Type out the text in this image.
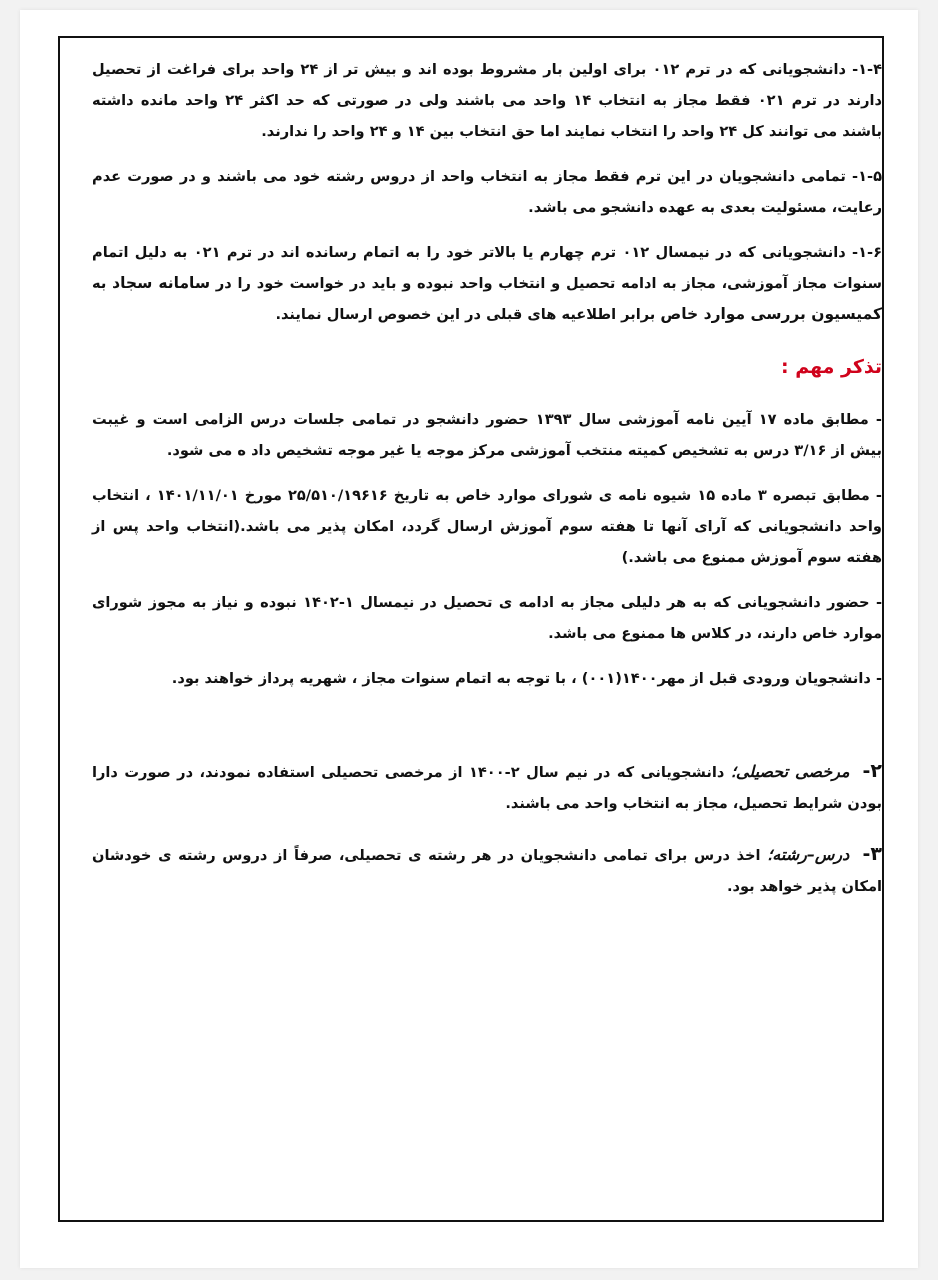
۱-۴- دانشجویانی که در ترم ۰۱۲ برای اولین بار مشروط بوده اند و بیش تر از ۲۴ واحد برای فراغت از تحصیل دارند در ترم ۰۲۱ فقط مجاز به انتخاب ۱۴ واحد می باشند ولی در صورتی که حد اکثر ۲۴ واحد مانده داشته باشند می توانند کل ۲۴ واحد را انتخاب نمایند اما حق انتخاب بین ۱۴ و ۲۴ واحد را ندارند.

۱-۵- تمامی دانشجویان در این ترم فقط مجاز به انتخاب واحد از دروس رشته خود می باشند و در صورت عدم رعایت، مسئولیت بعدی به عهده دانشجو می باشد.

۱-۶- دانشجویانی که در نیمسال ۰۱۲ ترم چهارم یا بالاتر خود را به اتمام رسانده اند در ترم ۰۲۱ به دلیل اتمام سنوات مجاز آموزشی، مجاز به ادامه تحصیل و انتخاب واحد نبوده و باید در خواست خود را در سامانه سجاد به کمیسیون بررسی موارد خاص برابر اطلاعیه های قبلی در این خصوص ارسال نمایند.

تذکر مهم :

- مطابق ماده ۱۷ آیین نامه آموزشی سال ۱۳۹۳ حضور دانشجو در تمامی جلسات درس الزامی است و غیبت بیش از ۳/۱۶ درس به تشخیص کمیته منتخب آموزشی مرکز موجه یا غیر موجه تشخیص داد ه می شود.

- مطابق تبصره ۳ ماده ۱۵ شیوه نامه ی شورای موارد خاص به تاریخ ۲۵/۵۱۰/۱۹۶۱۶ مورخ ۱۴۰۱/۱۱/۰۱ ، انتخاب واحد دانشجویانی که آرای آنها تا هفته سوم آموزش ارسال گردد، امکان پذیر می باشد.(انتخاب واحد پس از هفته سوم آموزش ممنوع می باشد.)

- حضور دانشجویانی که به هر دلیلی مجاز به ادامه ی تحصیل در نیمسال ۱-۱۴۰۲ نبوده و نیاز به مجوز شورای موارد خاص دارند، در کلاس ها ممنوع می باشد.

- دانشجویان ورودی قبل از مهر۱۴۰۰(۰۰۱) ، با توجه به اتمام سنوات مجاز ، شهریه پرداز خواهند بود.

۲-  مرخصی تحصیلی؛ دانشجویانی که در نیم سال ۲-۱۴۰۰ از مرخصی تحصیلی استفاده نمودند، در صورت دارا بودن شرایط تحصیل، مجاز به انتخاب واحد می باشند.

۳-  درس–رشته؛ اخذ درس برای تمامی دانشجویان در هر رشته ی تحصیلی، صرفاً از دروس رشته ی خودشان امکان پذیر خواهد بود.
